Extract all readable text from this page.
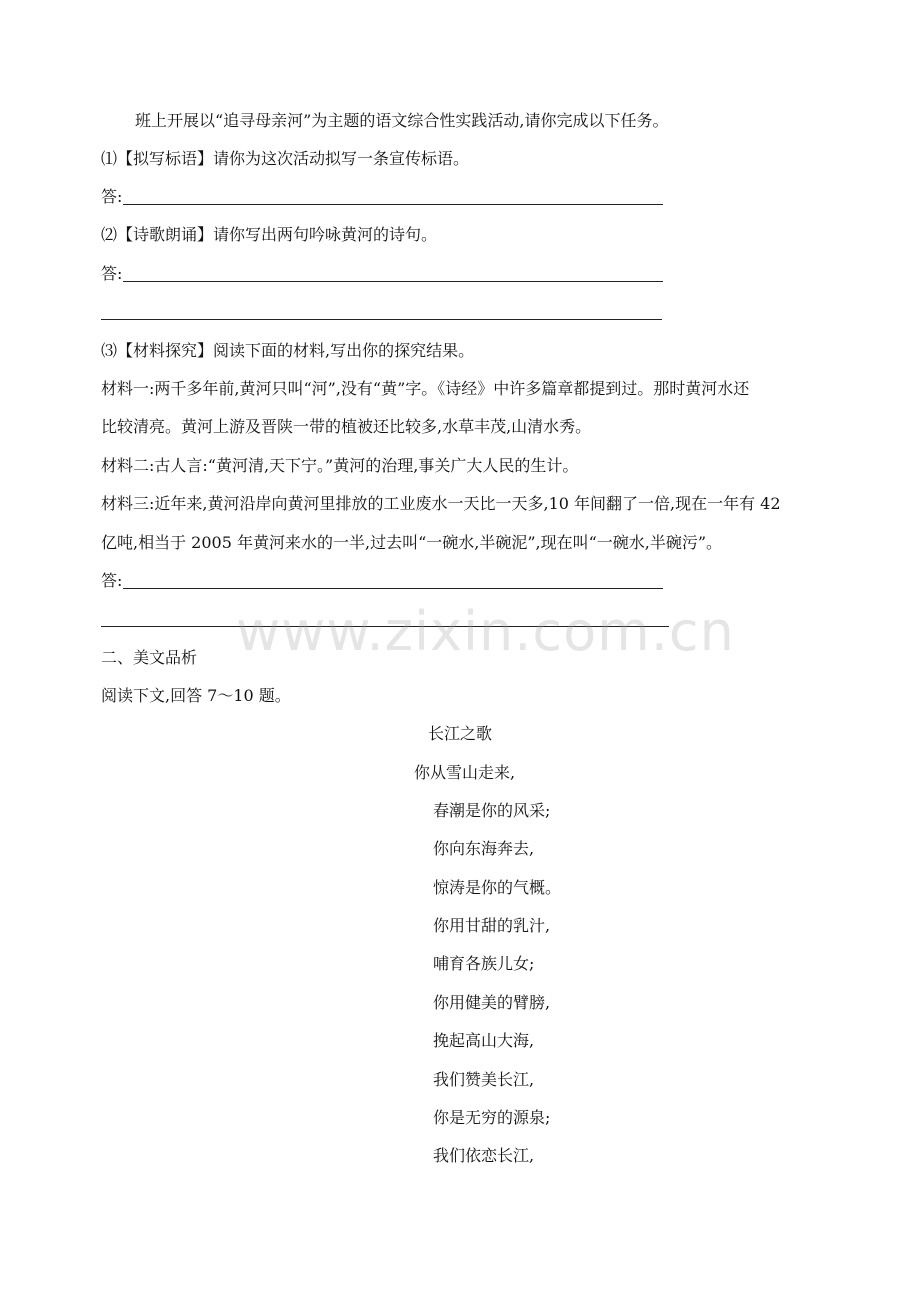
班上开展以“追寻母亲河”为主题的语文综合性实践活动,请你完成以下任务。
⑴【拟写标语】请你为这次活动拟写一条宣传标语。
答:
⑵【诗歌朗诵】请你写出两句吟咏黄河的诗句。
答:
⑶【材料探究】阅读下面的材料,写出你的探究结果。
材料一:两千多年前,黄河只叫“河”,没有“黄”字。《诗经》中许多篇章都提到过。那时黄河水还
比较清亮。黄河上游及晋陕一带的植被还比较多,水草丰茂,山清水秀。
材料二:古人言:“黄河清,天下宁。”黄河的治理,事关广大人民的生计。
材料三:近年来,黄河沿岸向黄河里排放的工业废水一天比一天多,10 年间翻了一倍,现在一年有 42
亿吨,相当于 2005 年黄河来水的一半,过去叫“一碗水,半碗泥”,现在叫“一碗水,半碗污”。
答:
www.zixin.com.cn
二、美文品析
阅读下文,回答 7～10 题。
长江之歌
你从雪山走来,
春潮是你的风采;
你向东海奔去,
惊涛是你的气概。
你用甘甜的乳汁,
哺育各族儿女;
你用健美的臂膀,
挽起高山大海,
我们赞美长江,
你是无穷的源泉;
我们依恋长江,
